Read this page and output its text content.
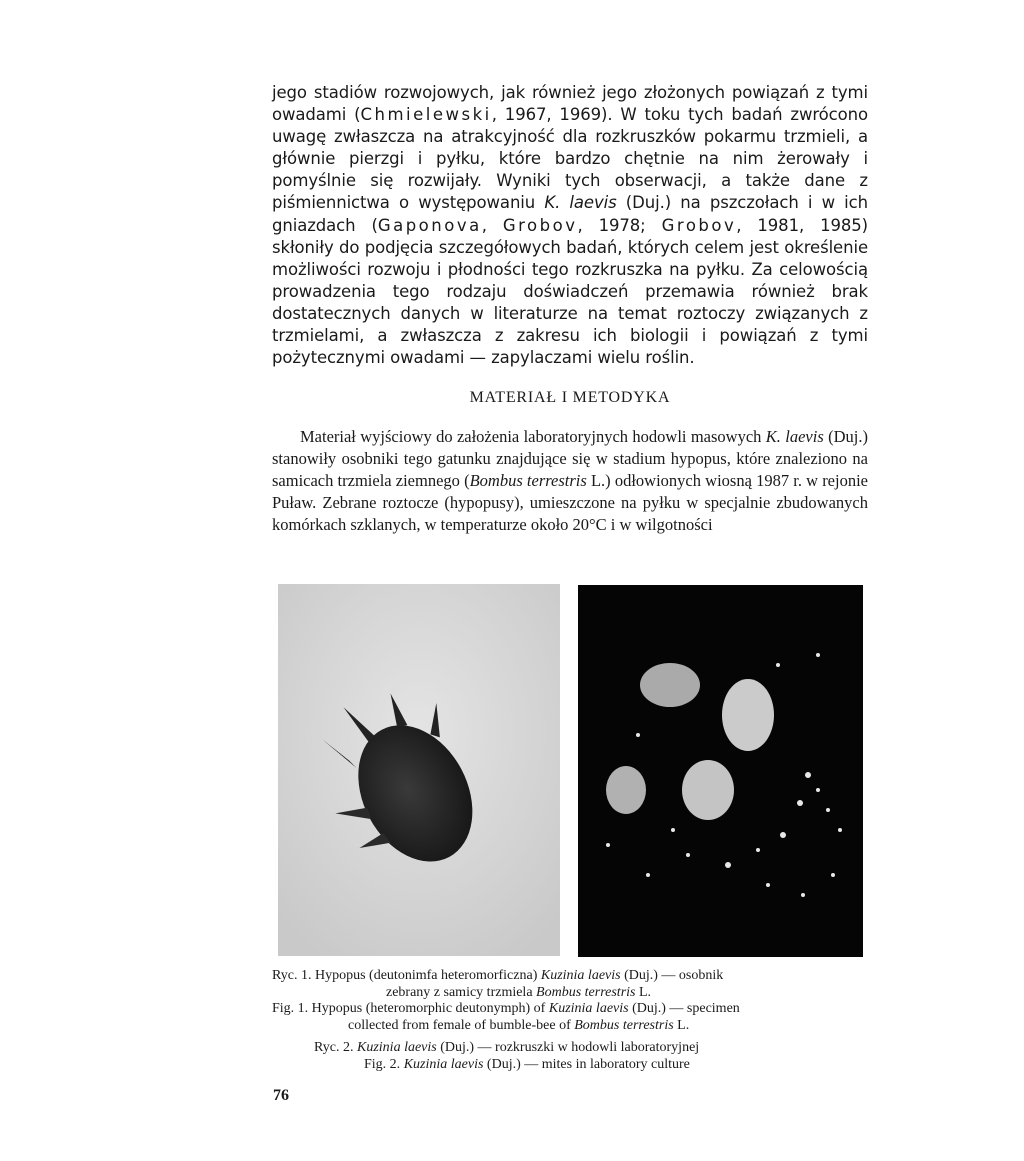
jego stadiów rozwojowych, jak również jego złożonych powiązań z tymi owadami (Chmielewski, 1967, 1969). W toku tych badań zwrócono uwagę zwłaszcza na atrakcyjność dla rozkruszków pokarmu trzmieli, a głównie pierzgi i pyłku, które bardzo chętnie na nim żerowały i pomyślnie się rozwijały. Wyniki tych obserwacji, a także dane z piśmiennictwa o występowaniu K. laevis (Duj.) na pszczołach i w ich gniazdach (Gaponova, Grobov, 1978; Grobov, 1981, 1985) skłoniły do podjęcia szczegółowych badań, których celem jest określenie możliwości rozwoju i płodności tego rozkruszka na pyłku. Za celowością prowadzenia tego rodzaju doświadczeń przemawia również brak dostatecznych danych w literaturze na temat roztoczy związanych z trzmielami, a zwłaszcza z zakresu ich biologii i powiązań z tymi pożytecznymi owadami — zapylaczami wielu roślin.

MATERIAŁ I METODYKA

Materiał wyjściowy do założenia laboratoryjnych hodowli masowych K. laevis (Duj.) stanowiły osobniki tego gatunku znajdujące się w stadium hypopus, które znaleziono na samicach trzmiela ziemnego (Bombus terrestris L.) odłowionych wiosną 1987 r. w rejonie Puław. Zebrane roztocze (hypopusy), umieszczone na pyłku w specjalnie zbudowanych komórkach szklanych, w temperaturze około 20°C i w wilgotności

Ryc. 1. Hypopus (deutonimfa heteromorficzna) Kuzinia laevis (Duj.) — osobnik
zebrany z samicy trzmiela Bombus terrestris L.
Fig. 1. Hypopus (heteromorphic deutonymph) of Kuzinia laevis (Duj.) — specimen
collected from female of bumble-bee of Bombus terrestris L.
Ryc. 2. Kuzinia laevis (Duj.) — rozkruszki w hodowli laboratoryjnej
Fig. 2. Kuzinia laevis (Duj.) — mites in laboratory culture
76
